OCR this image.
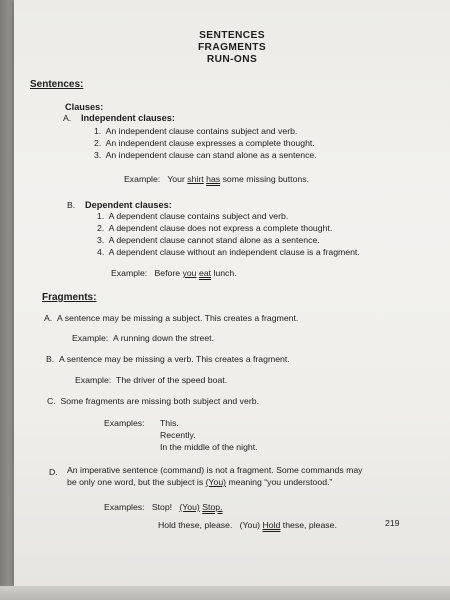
SENTENCES
FRAGMENTS
RUN-ONS
Sentences:
Clauses:
A. Independent clauses:
1. An independent clause contains subject and verb.
2. An independent clause expresses a complete thought.
3. An independent clause can stand alone as a sentence.
Example: Your shirt has some missing buttons.
B. Dependent clauses:
1. A dependent clause contains subject and verb.
2. A dependent clause does not express a complete thought.
3. A dependent clause cannot stand alone as a sentence.
4. A dependent clause without an independent clause is a fragment.
Example: Before you eat lunch.
Fragments:
A. A sentence may be missing a subject. This creates a fragment.
Example: A running down the street.
B. A sentence may be missing a verb. This creates a fragment.
Example: The driver of the speed boat.
C. Some fragments are missing both subject and verb.
Examples: This.
Recently.
In the middle of the night.
D. An imperative sentence (command) is not a fragment. Some commands may
be only one word, but the subject is (You) meaning “you understood.”
Examples: Stop! (You) Stop.
Hold these, please. (You) Hold these, please.	219
